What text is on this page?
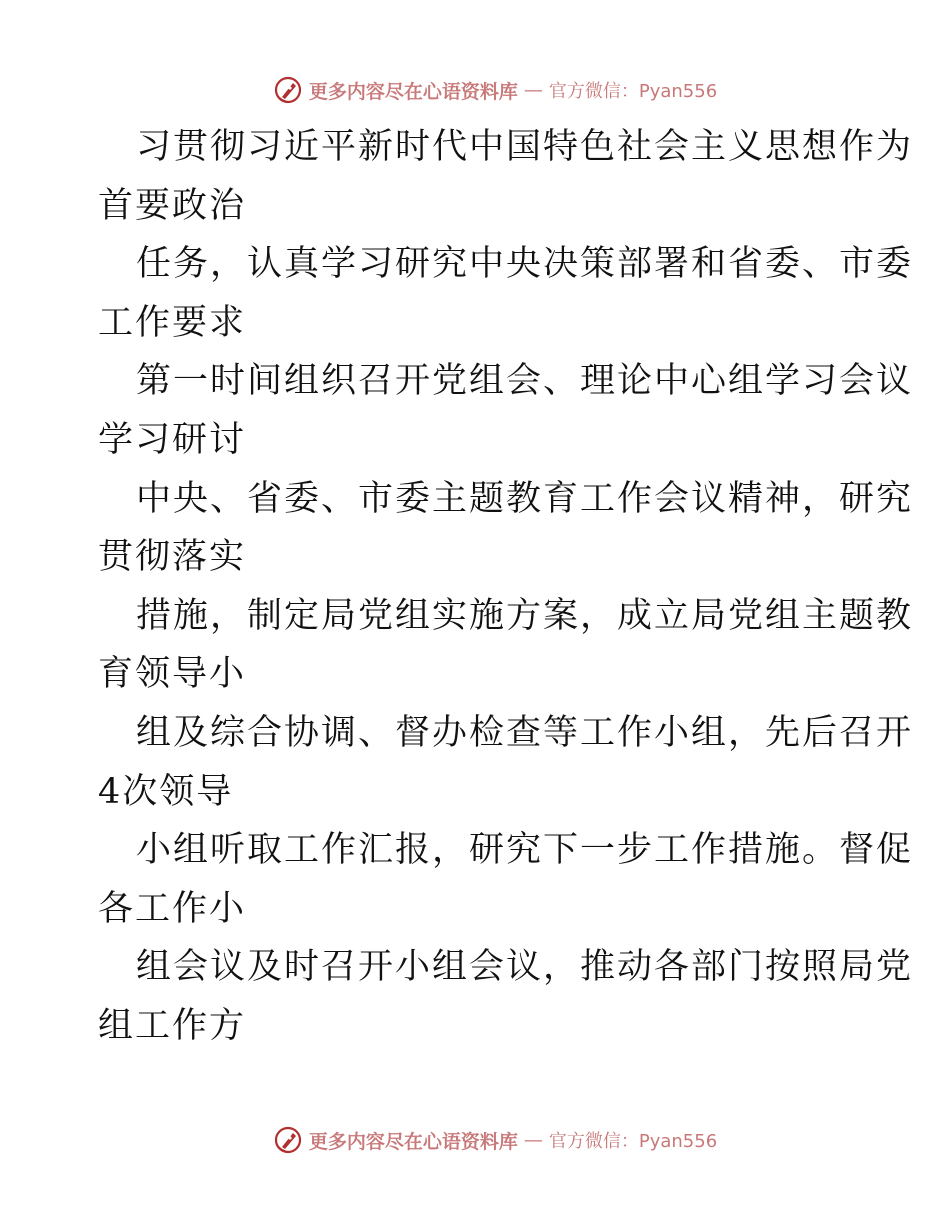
更多内容尽在心语资料库 — 官方微信：Pyan556
习贯彻习近平新时代中国特色社会主义思想作为
首要政治
任务，认真学习研究中央决策部署和省委、市委
工作要求
第一时间组织召开党组会、理论中心组学习会议
学习研讨
中央、省委、市委主题教育工作会议精神，研究
贯彻落实
措施，制定局党组实施方案，成立局党组主题教
育领导小
组及综合协调、督办检查等工作小组，先后召开
4次领导
小组听取工作汇报，研究下一步工作措施。督促
各工作小
组会议及时召开小组会议，推动各部门按照局党
组工作方
更多内容尽在心语资料库 — 官方微信：Pyan556
